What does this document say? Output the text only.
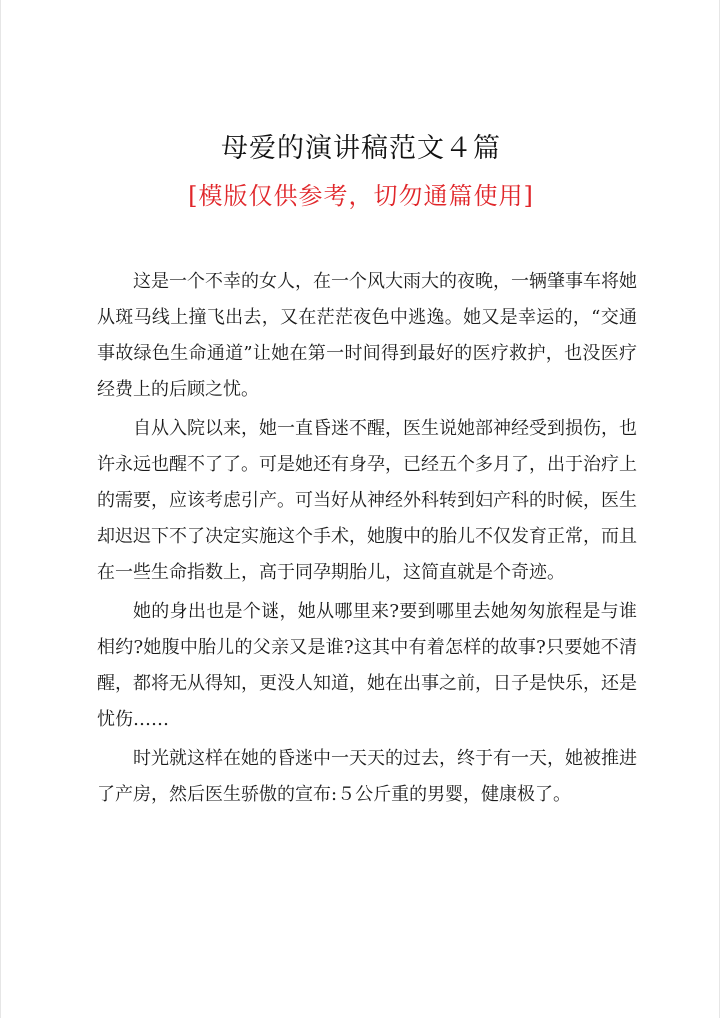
母爱的演讲稿范文４篇
[模版仅供参考，切勿通篇使用]

这是一个不幸的女人，在一个风大雨大的夜晚，一辆肇事车将她从斑马线上撞飞出去，又在茫茫夜色中逃逸。她又是幸运的，“交通事故绿色生命通道”让她在第一时间得到最好的医疗救护，也没医疗经费上的后顾之忧。

自从入院以来，她一直昏迷不醒，医生说她部神经受到损伤，也许永远也醒不了了。可是她还有身孕，已经五个多月了，出于治疗上的需要，应该考虑引产。可当好从神经外科转到妇产科的时候，医生却迟迟下不了决定实施这个手术，她腹中的胎儿不仅发育正常，而且在一些生命指数上，高于同孕期胎儿，这简直就是个奇迹。

她的身出也是个谜，她从哪里来?要到哪里去她匆匆旅程是与谁相约?她腹中胎儿的父亲又是谁?这其中有着怎样的故事?只要她不清醒，都将无从得知，更没人知道，她在出事之前，日子是快乐，还是忧伤……

时光就这样在她的昏迷中一天天的过去，终于有一天，她被推进了产房，然后医生骄傲的宣布:５公斤重的男婴，健康极了。
